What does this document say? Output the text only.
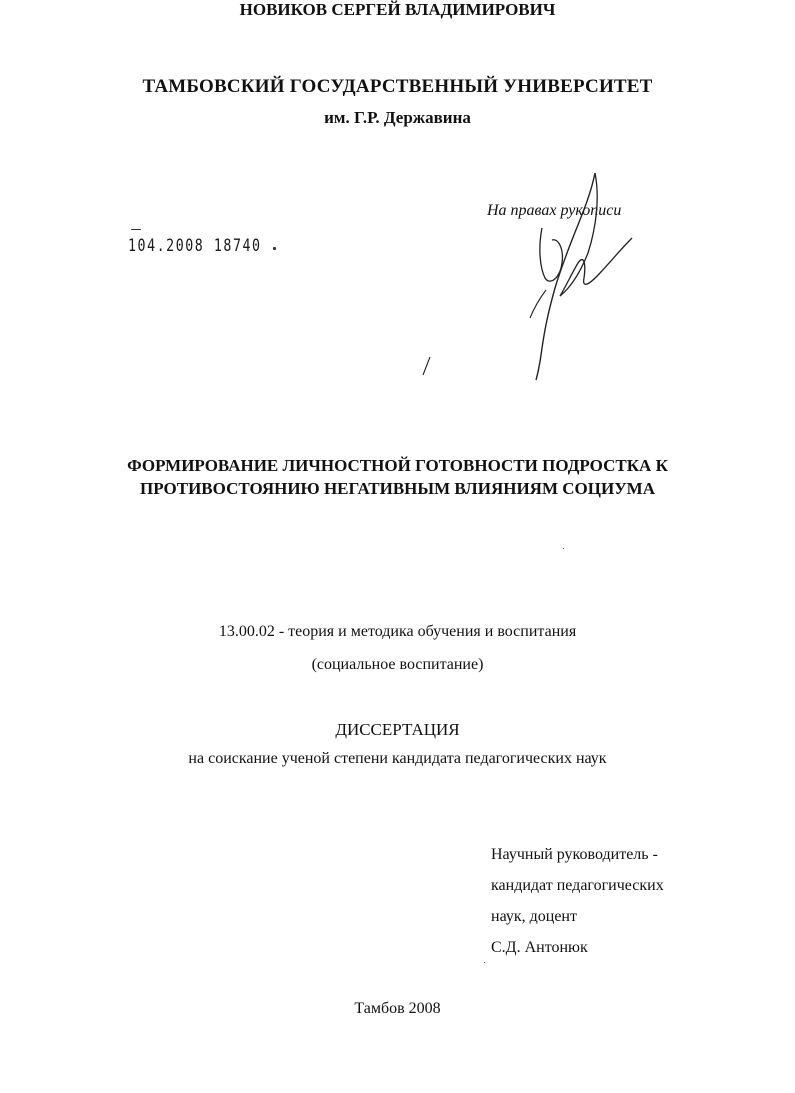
ТАМБОВСКИЙ ГОСУДАРСТВЕННЫЙ УНИВЕРСИТЕТ
им. Г.Р. Державина
На правах рукописи
104.2008 18740
НОВИКОВ СЕРГЕЙ ВЛАДИМИРОВИЧ
ФОРМИРОВАНИЕ ЛИЧНОСТНОЙ ГОТОВНОСТИ ПОДРОСТКА К
ПРОТИВОСТОЯНИЮ НЕГАТИВНЫМ ВЛИЯНИЯМ СОЦИУМА
13.00.02 - теория и методика обучения и воспитания
(социальное воспитание)
ДИССЕРТАЦИЯ
на соискание ученой степени кандидата педагогических наук
Научный руководитель -
кандидат педагогических
наук, доцент
С.Д. Антонюк
Тамбов 2008
